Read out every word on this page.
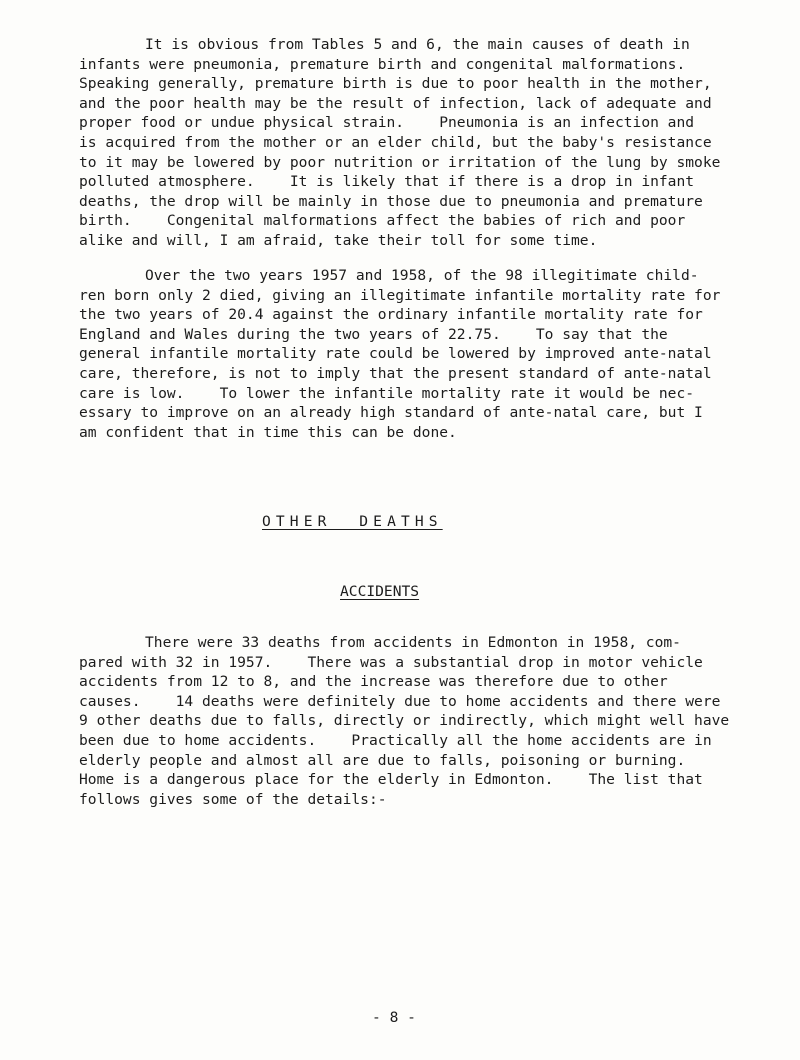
It is obvious from Tables 5 and 6, the main causes of death in
infants were pneumonia, premature birth and congenital malformations.
Speaking generally, premature birth is due to poor health in the mother,
and the poor health may be the result of infection, lack of adequate and
proper food or undue physical strain.    Pneumonia is an infection and
is acquired from the mother or an elder child, but the baby's resistance
to it may be lowered by poor nutrition or irritation of the lung by smoke
polluted atmosphere.    It is likely that if there is a drop in infant
deaths, the drop will be mainly in those due to pneumonia and premature
birth.    Congenital malformations affect the babies of rich and poor
alike and will, I am afraid, take their toll for some time.
Over the two years 1957 and 1958, of the 98 illegitimate child-
ren born only 2 died, giving an illegitimate infantile mortality rate for
the two years of 20.4 against the ordinary infantile mortality rate for
England and Wales during the two years of 22.75.    To say that the
general infantile mortality rate could be lowered by improved ante-natal
care, therefore, is not to imply that the present standard of ante-natal
care is low.    To lower the infantile mortality rate it would be nec-
essary to improve on an already high standard of ante-natal care, but I
am confident that in time this can be done.
OTHER  DEATHS
ACCIDENTS
There were 33 deaths from accidents in Edmonton in 1958, com-
pared with 32 in 1957.    There was a substantial drop in motor vehicle
accidents from 12 to 8, and the increase was therefore due to other
causes.    14 deaths were definitely due to home accidents and there were
9 other deaths due to falls, directly or indirectly, which might well have
been due to home accidents.    Practically all the home accidents are in
elderly people and almost all are due to falls, poisoning or burning.
Home is a dangerous place for the elderly in Edmonton.    The list that
follows gives some of the details:-
- 8 -
